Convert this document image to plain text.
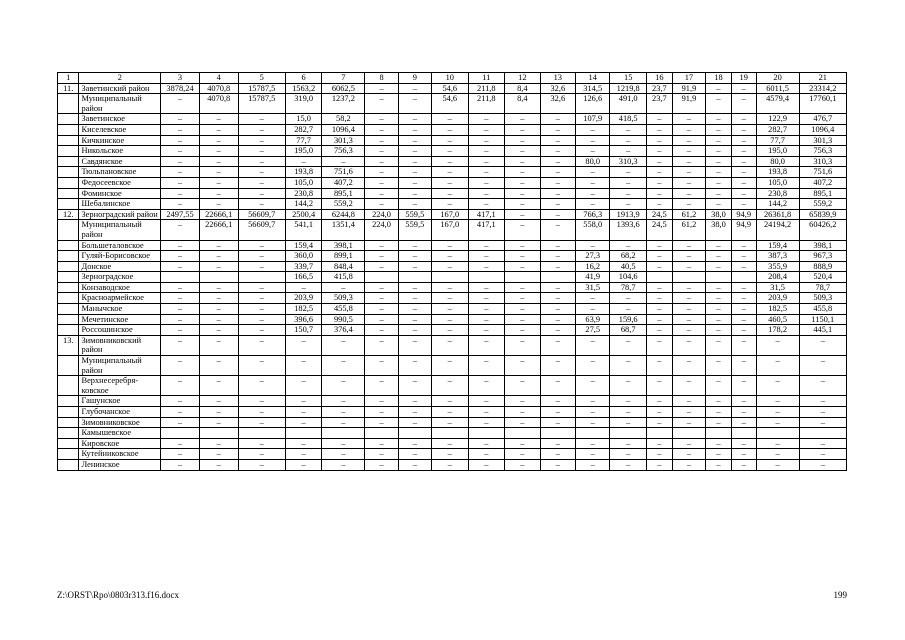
1	2	3	4	5	6	7	8	9	10	11	12	13	14	15	16	17	18	19	20	21
11.	Заветинский район	3878,24	4070,8	15787,5	1563,2	6062,5	–	–	54,6	211,8	8,4	32,6	314,5	1219,8	23,7	91,9	–	–	6011,5	23314,2
	Муниципальный район	–	4070,8	15787,5	319,0	1237,2	–	–	54,6	211,8	8,4	32,6	126,6	491,0	23,7	91,9	–	–	4579,4	17760,1
	Заветинское	–	–	–	15,0	58,2	–	–	–	–	–	–	107,9	418,5	–	–	–	–	122,9	476,7
	Киселевское	–	–	–	282,7	1096,4	–	–	–	–	–	–	–	–	–	–	–	–	282,7	1096,4
	Кичкинское	–	–	–	77,7	301,3	–	–	–	–	–	–	–	–	–	–	–	–	77,7	301,3
	Никольское	–	–	–	195,0	756,3	–	–	–	–	–	–	–	–	–	–	–	–	195,0	756,3
	Савдянское	–	–	–	–	–	–	–	–	–	–	–	80,0	310,3	–	–	–	–	80,0	310,3
	Тюльпановское	–	–	–	193,8	751,6	–	–	–	–	–	–	–	–	–	–	–	–	193,8	751,6
	Федосеевское	–	–	–	105,0	407,2	–	–	–	–	–	–	–	–	–	–	–	–	105,0	407,2
	Фоминское	–	–	–	230,8	895,1	–	–	–	–	–	–	–	–	–	–	–	–	230,8	895,1
	Шебалинское	–	–	–	144,2	559,2	–	–	–	–	–	–	–	–	–	–	–	–	144,2	559,2
12.	Зерноградский район	2497,55	22666,1	56609,7	2500,4	6244,8	224,0	559,5	167,0	417,1	–	–	766,3	1913,9	24,5	61,2	38,0	94,9	26361,8	65839,9
	Муниципальный район	–	22666,1	56609,7	541,1	1351,4	224,0	559,5	167,0	417,1	–	–	558,0	1393,6	24,5	61,2	38,0	94,9	24194,2	60426,2
	Большеталовское	–	–	–	159,4	398,1	–	–	–	–	–	–	–	–	–	–	–	–	159,4	398,1
	Гуляй-Борисовское	–	–	–	360,0	899,1	–	–	–	–	–	–	27,3	68,2	–	–	–	–	387,3	967,3
	Донское	–	–	–	339,7	848,4	–	–	–	–	–	–	16,2	40,5	–	–	–	–	355,9	888,9
	Зерноградское				166,5	415,8							41,9	104,6					208,4	520,4
	Конзаводское	–	–	–	–	–	–	–	–	–	–	–	31,5	78,7	–	–	–	–	31,5	78,7
	Красноармейское	–	–	–	203,9	509,3	–	–	–	–	–	–	–	–	–	–	–	–	203,9	509,3
	Манычское	–	–	–	182,5	455,8	–	–	–	–	–	–	–	–	–	–	–	–	182,5	455,8
	Мечетинское	–	–	–	396,6	990,5	–	–	–	–	–	–	63,9	159,6	–	–	–	–	460,5	1150,1
	Россошинское	–	–	–	150,7	376,4	–	–	–	–	–	–	27,5	68,7	–	–	–	–	178,2	445,1
13.	Зимовниковский район	–	–	–	–	–	–	–	–	–	–	–	–	–	–	–	–	–	–	–
	Муниципальный район	–	–	–	–	–	–	–	–	–	–	–	–	–	–	–	–	–	–	–
	Верхнесеребря-ковское	–	–	–	–	–	–	–	–	–	–	–	–	–	–	–	–	–	–	–
	Гашунское	–	–	–	–	–	–	–	–	–	–	–	–	–	–	–	–	–	–	–
	Глубочанское	–	–	–	–	–	–	–	–	–	–	–	–	–	–	–	–	–	–	–
	Зимовниковское	–	–	–	–	–	–	–	–	–	–	–	–	–	–	–	–	–	–	–
	Камышевское																			
	Кировское	–	–	–	–	–	–	–	–	–	–	–	–	–	–	–	–	–	–	–
	Кутейниковское	–	–	–	–	–	–	–	–	–	–	–	–	–	–	–	–	–	–	–
	Ленинское	–	–	–	–	–	–	–	–	–	–	–	–	–	–	–	–	–	–	–
Z:\ORST\Rpo\0803r313.f16.docx	199
